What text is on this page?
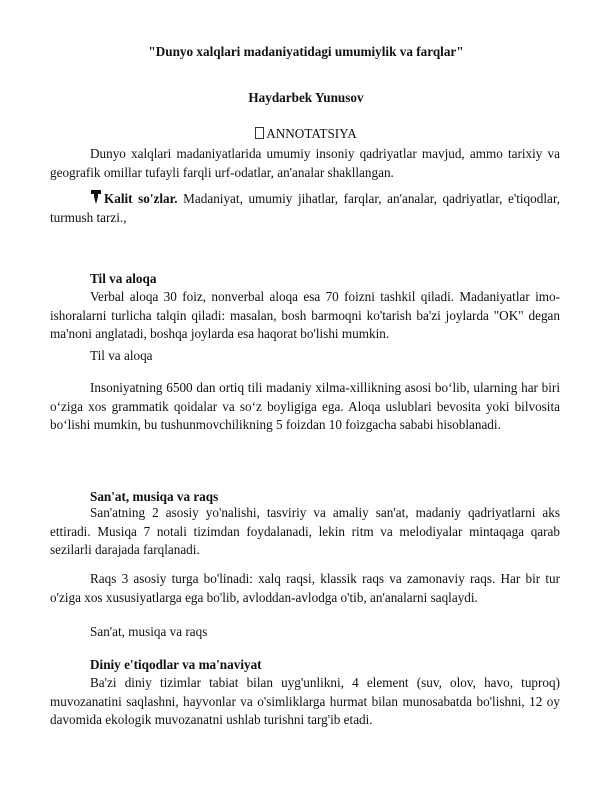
"Dunyo xalqlari madaniyatidagi umumiylik va farqlar"
Haydarbek Yunusov
ANNOTATSIYA
Dunyo xalqlari madaniyatlarida umumiy insoniy qadriyatlar mavjud, ammo tarixiy va geografik omillar tufayli farqli urf-odatlar, an'analar shakllangan.
Kalit so'zlar. Madaniyat, umumiy jihatlar, farqlar, an'analar, qadriyatlar, e'tiqodlar, turmush tarzi.,
Til va aloqa
Verbal aloqa 30 foiz, nonverbal aloqa esa 70 foizni tashkil qiladi. Madaniyatlar imo-ishoralarni turlicha talqin qiladi: masalan, bosh barmoqni ko'tarish ba'zi joylarda "OK" degan ma'noni anglatadi, boshqa joylarda esa haqorat bo'lishi mumkin.
Til va aloqa
Insoniyatning 6500 dan ortiq tili madaniy xilma-xillikning asosi bo‘lib, ularning har biri o‘ziga xos grammatik qoidalar va so‘z boyligiga ega. Aloqa uslublari bevosita yoki bilvosita bo‘lishi mumkin, bu tushunmovchilikning 5 foizdan 10 foizgacha sababi hisoblanadi.
San'at, musiqa va raqs
San'atning 2 asosiy yo'nalishi, tasviriy va amaliy san'at, madaniy qadriyatlarni aks ettiradi. Musiqa 7 notali tizimdan foydalanadi, lekin ritm va melodiyalar mintaqaga qarab sezilarli darajada farqlanadi.
Raqs 3 asosiy turga bo'linadi: xalq raqsi, klassik raqs va zamonaviy raqs. Har bir tur o'ziga xos xususiyatlarga ega bo'lib, avloddan-avlodga o'tib, an'analarni saqlaydi.
San'at, musiqa va raqs
Diniy e'tiqodlar va ma'naviyat
Ba'zi diniy tizimlar tabiat bilan uyg'unlikni, 4 element (suv, olov, havo, tuproq) muvozanatini saqlashni, hayvonlar va o'simliklarga hurmat bilan munosabatda bo'lishni, 12 oy davomida ekologik muvozanatni ushlab turishni targ'ib etadi.
